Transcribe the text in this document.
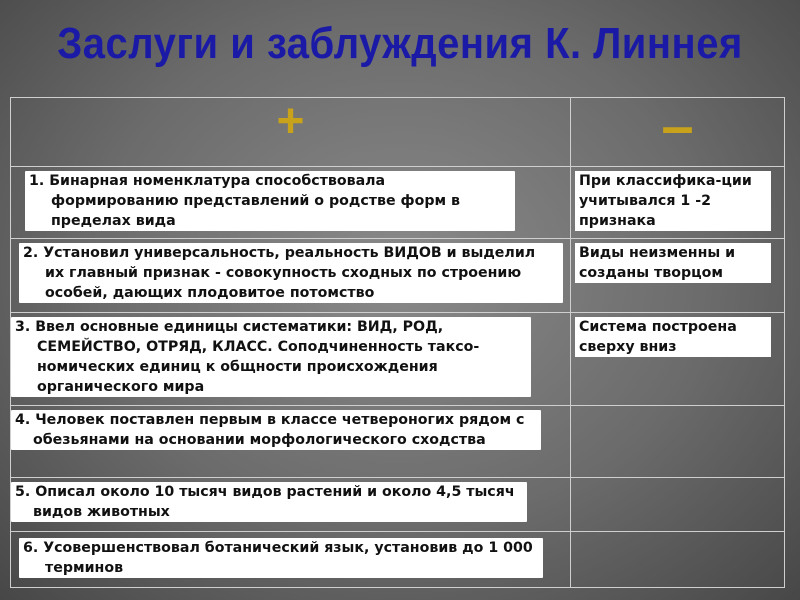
Заслуги и заблуждения К. Линнея
+	–
1. Бинарная номенклатура способствовала формированию представлений о родстве форм в пределах вида	При классифика-ции учитывался 1 -2 признака
2. Установил универсальность, реальность ВИДОВ и выделил их главный признак - совокупность сходных по строению особей, дающих плодовитое потомство	Виды неизменны и созданы творцом
3. Ввел основные единицы систематики: ВИД, РОД, СЕМЕЙСТВО, ОТРЯД, КЛАСС. Соподчиненность таксо-номических единиц к общности происхождения органического мира	Система построена сверху вниз
4. Человек поставлен первым в классе четвероногих рядом с обезьянами на основании морфологического сходства	
5. Описал около 10 тысяч видов растений и около 4,5 тысяч видов животных	
6. Усовершенствовал ботанический язык, установив до 1 000 терминов	
